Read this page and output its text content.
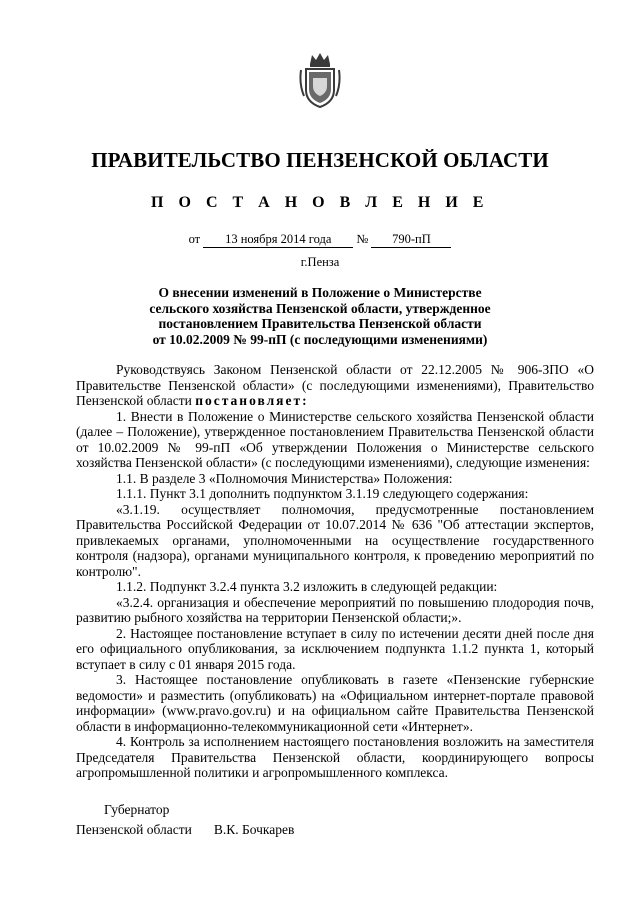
ПРАВИТЕЛЬСТВО ПЕНЗЕНСКОЙ ОБЛАСТИ
П О С Т А Н О В Л Е Н И Е
от 13 ноября 2014 года № 790-пП
г.Пенза
О внесении изменений в Положение о Министерстве
сельского хозяйства Пензенской области, утвержденное
постановлением Правительства Пензенской области
от 10.02.2009 № 99-пП (с последующими изменениями)

Руководствуясь Законом Пензенской области от 22.12.2005 № 906-ЗПО «О Правительстве Пензенской области» (с последующими изменениями), Правительство Пензенской области постановляет:

1. Внести в Положение о Министерстве сельского хозяйства Пензенской области (далее – Положение), утвержденное постановлением Правительства Пензенской области от 10.02.2009 № 99-пП «Об утверждении Положения о Министерстве сельского хозяйства Пензенской области» (с последующими изменениями), следующие изменения:

1.1. В разделе 3 «Полномочия Министерства» Положения:

1.1.1. Пункт 3.1 дополнить подпунктом 3.1.19 следующего содержания:

«3.1.19. осуществляет полномочия, предусмотренные постановлением Правительства Российской Федерации от 10.07.2014 № 636 "Об аттестации экспертов, привлекаемых органами, уполномоченными на осуществление государственного контроля (надзора), органами муниципального контроля, к проведению мероприятий по контролю".

1.1.2. Подпункт 3.2.4 пункта 3.2 изложить в следующей редакции:

«3.2.4. организация и обеспечение мероприятий по повышению плодородия почв, развитию рыбного хозяйства на территории Пензенской области;».

2. Настоящее постановление вступает в силу по истечении десяти дней после дня его официального опубликования, за исключением подпункта 1.1.2 пункта 1, который вступает в силу с 01 января 2015 года.

3. Настоящее постановление опубликовать в газете «Пензенские губернские ведомости» и разместить (опубликовать) на «Официальном интернет-портале правовой информации» (www.pravo.gov.ru) и на официальном сайте Правительства Пензенской области в информационно-телекоммуникационной сети «Интернет».

4. Контроль за исполнением настоящего постановления возложить на заместителя Председателя Правительства Пензенской области, координирующего вопросы агропромышленной политики и агропромышленного комплекса.

Губернатор
Пензенской области В.К. Бочкарев
